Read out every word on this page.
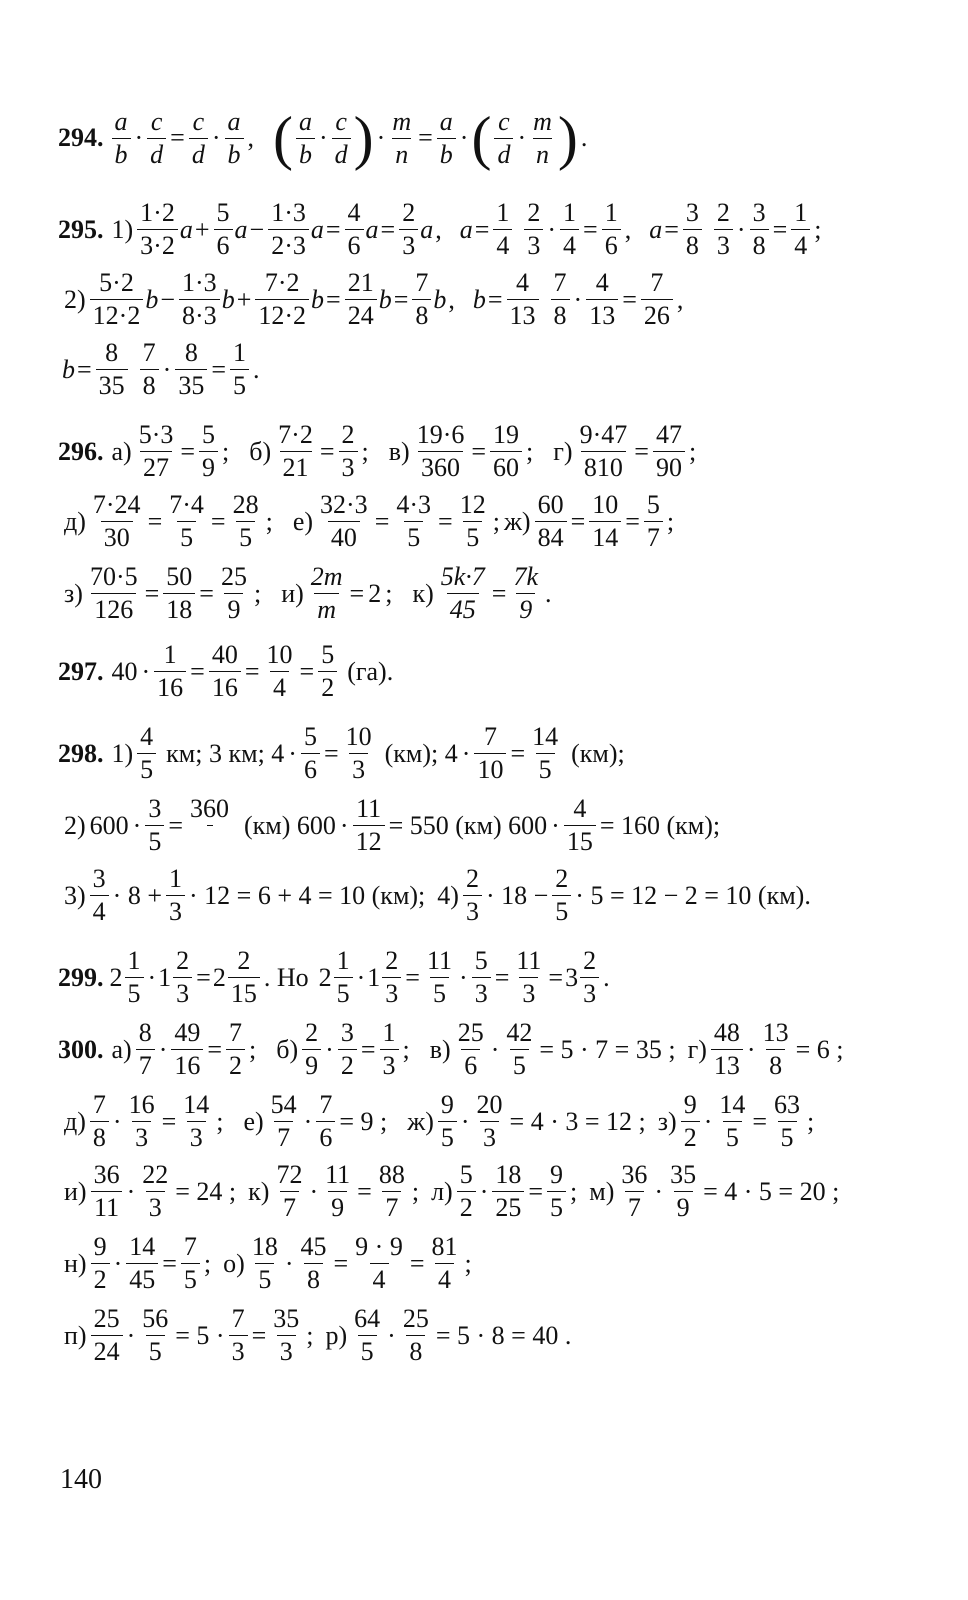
294. $\frac{a}{b} \cdot \frac{c}{d} = \frac{c}{d} \cdot \frac{a}{b}$ , ( $\frac{a}{b} \cdot \frac{c}{d}$ ) · $\frac{m}{n} = \frac{a}{b}$ · ( $\frac{c}{d} \cdot \frac{m}{n}$ ) .
295. $1) \frac{1\cdot 2}{3\cdot 2}$ $a + \frac{5}{6}$ $a - \frac{1\cdot 3}{2\cdot 3}$ $a = \frac{4}{6}$ $a = \frac{2}{3}$ a , $a = \frac{1}{4} \frac{2}{3} \cdot \frac{1}{4} = \frac{1}{6}$ , $a = \frac{3}{8} \frac{2}{3} \cdot \frac{3}{8} = \frac{1}{4}$ ;
$2) \frac{5\cdot 2}{12\cdot 2}$ $b - \frac{1\cdot 3}{8\cdot 3}$ $b + \frac{7\cdot 2}{12\cdot 2}$ $b = \frac{21}{24}$ $b = \frac{7}{8}$ b , $b = \frac{4}{13} \frac{7}{8} \cdot \frac{4}{13} = \frac{7}{26}$ ,
$b = \frac{8}{35} \frac{7}{8} \cdot \frac{8}{35} = \frac{1}{5}$ .
296. $а) \frac{5\cdot 3}{27} = \frac{5}{9}$ ; $б) \frac{7\cdot 2}{21} = \frac{2}{3}$ ; $в) \frac{19\cdot 6}{360} = \frac{19}{60}$ ; $г) \frac{9\cdot 47}{810} = \frac{47}{90}$ ;
$д) \frac{7\cdot 24}{30} = \frac{7\cdot 4}{5} = \frac{28}{5}$ ; $е) \frac{32\cdot 3}{40} = \frac{4\cdot 3}{5} = \frac{12}{5}$ ; $ж) \frac{60}{84} = \frac{10}{14} = \frac{5}{7}$ ;
$з) \frac{70\cdot 5}{126} = \frac{50}{18} = \frac{25}{9}$ ; $и) \frac{2m}{m} = 2$ ; $к) \frac{5k\cdot 7}{45} = \frac{7k}{9}$ .
297. $40 \cdot \frac{1}{16} = \frac{40}{16} = \frac{10}{4} = \frac{5}{2} (га)$.
298. $1) \frac{4}{5}$ км; 3 км; $4 \cdot \frac{5}{6} = \frac{10}{3} (км)$; $4 \cdot \frac{7}{10} = \frac{14}{5} (км)$;
2) $600 \cdot \frac{3}{5}$ =
360
(км) $600 \cdot \frac{11}{12} = 550$ (км) $600 \cdot \frac{4}{15} = 160$ (км);
$3) \frac{3}{4} \cdot 8 + \frac{1}{3} \cdot 12 = 6 + 4 = 10$ (км); $4) \frac{2}{3} \cdot 18 - \frac{2}{5} \cdot 5 = 12 - 2 = 10$ (км).
299. $2 \frac{1}{5} \cdot 1 \frac{2}{3} = 2 \frac{2}{15}$ . Но $2 \frac{1}{5} \cdot 1 \frac{2}{3} = \frac{11}{5} \cdot \frac{5}{3} = \frac{11}{3} = 3 \frac{2}{3}$ .
300. $а) \frac{8}{7} \cdot \frac{49}{16} = \frac{7}{2}$ ; $б) \frac{2}{9} \cdot \frac{3}{2} = \frac{1}{3}$ ; $в) \frac{25}{6} \cdot \frac{42}{5} = 5 \cdot 7 = 35$ ; $г) \frac{48}{13} \cdot \frac{13}{8} = 6$ ;
$д) \frac{7}{8} \cdot \frac{16}{3} = \frac{14}{3}$ ; $е) \frac{54}{7} \cdot \frac{7}{6} = 9$ ; $ж) \frac{9}{5} \cdot \frac{20}{3} = 4 \cdot 3 = 12$ ; $з) \frac{9}{2} \cdot \frac{14}{5} = \frac{63}{5}$ ;
$и) \frac{36}{11} \cdot \frac{22}{3} = 24$ ; $к) \frac{72}{7} \cdot \frac{11}{9} = \frac{88}{7}$ ; $л) \frac{5}{2} \cdot \frac{18}{25} = \frac{9}{5}$ ; $м) \frac{36}{7} \cdot \frac{35}{9} = 4 \cdot 5 = 20$ ;
$н) \frac{9}{2} \cdot \frac{14}{45} = \frac{7}{5}$ ; $о) \frac{18}{5} \cdot \frac{45}{8} = \frac{9 \cdot 9}{4} = \frac{81}{4}$ ;
$п) \frac{25}{24} \cdot \frac{56}{5} = 5 \cdot \frac{7}{3} = \frac{35}{3}$ ; $р) \frac{64}{5} \cdot \frac{25}{8} = 5 \cdot 8 = 40$ .
140
